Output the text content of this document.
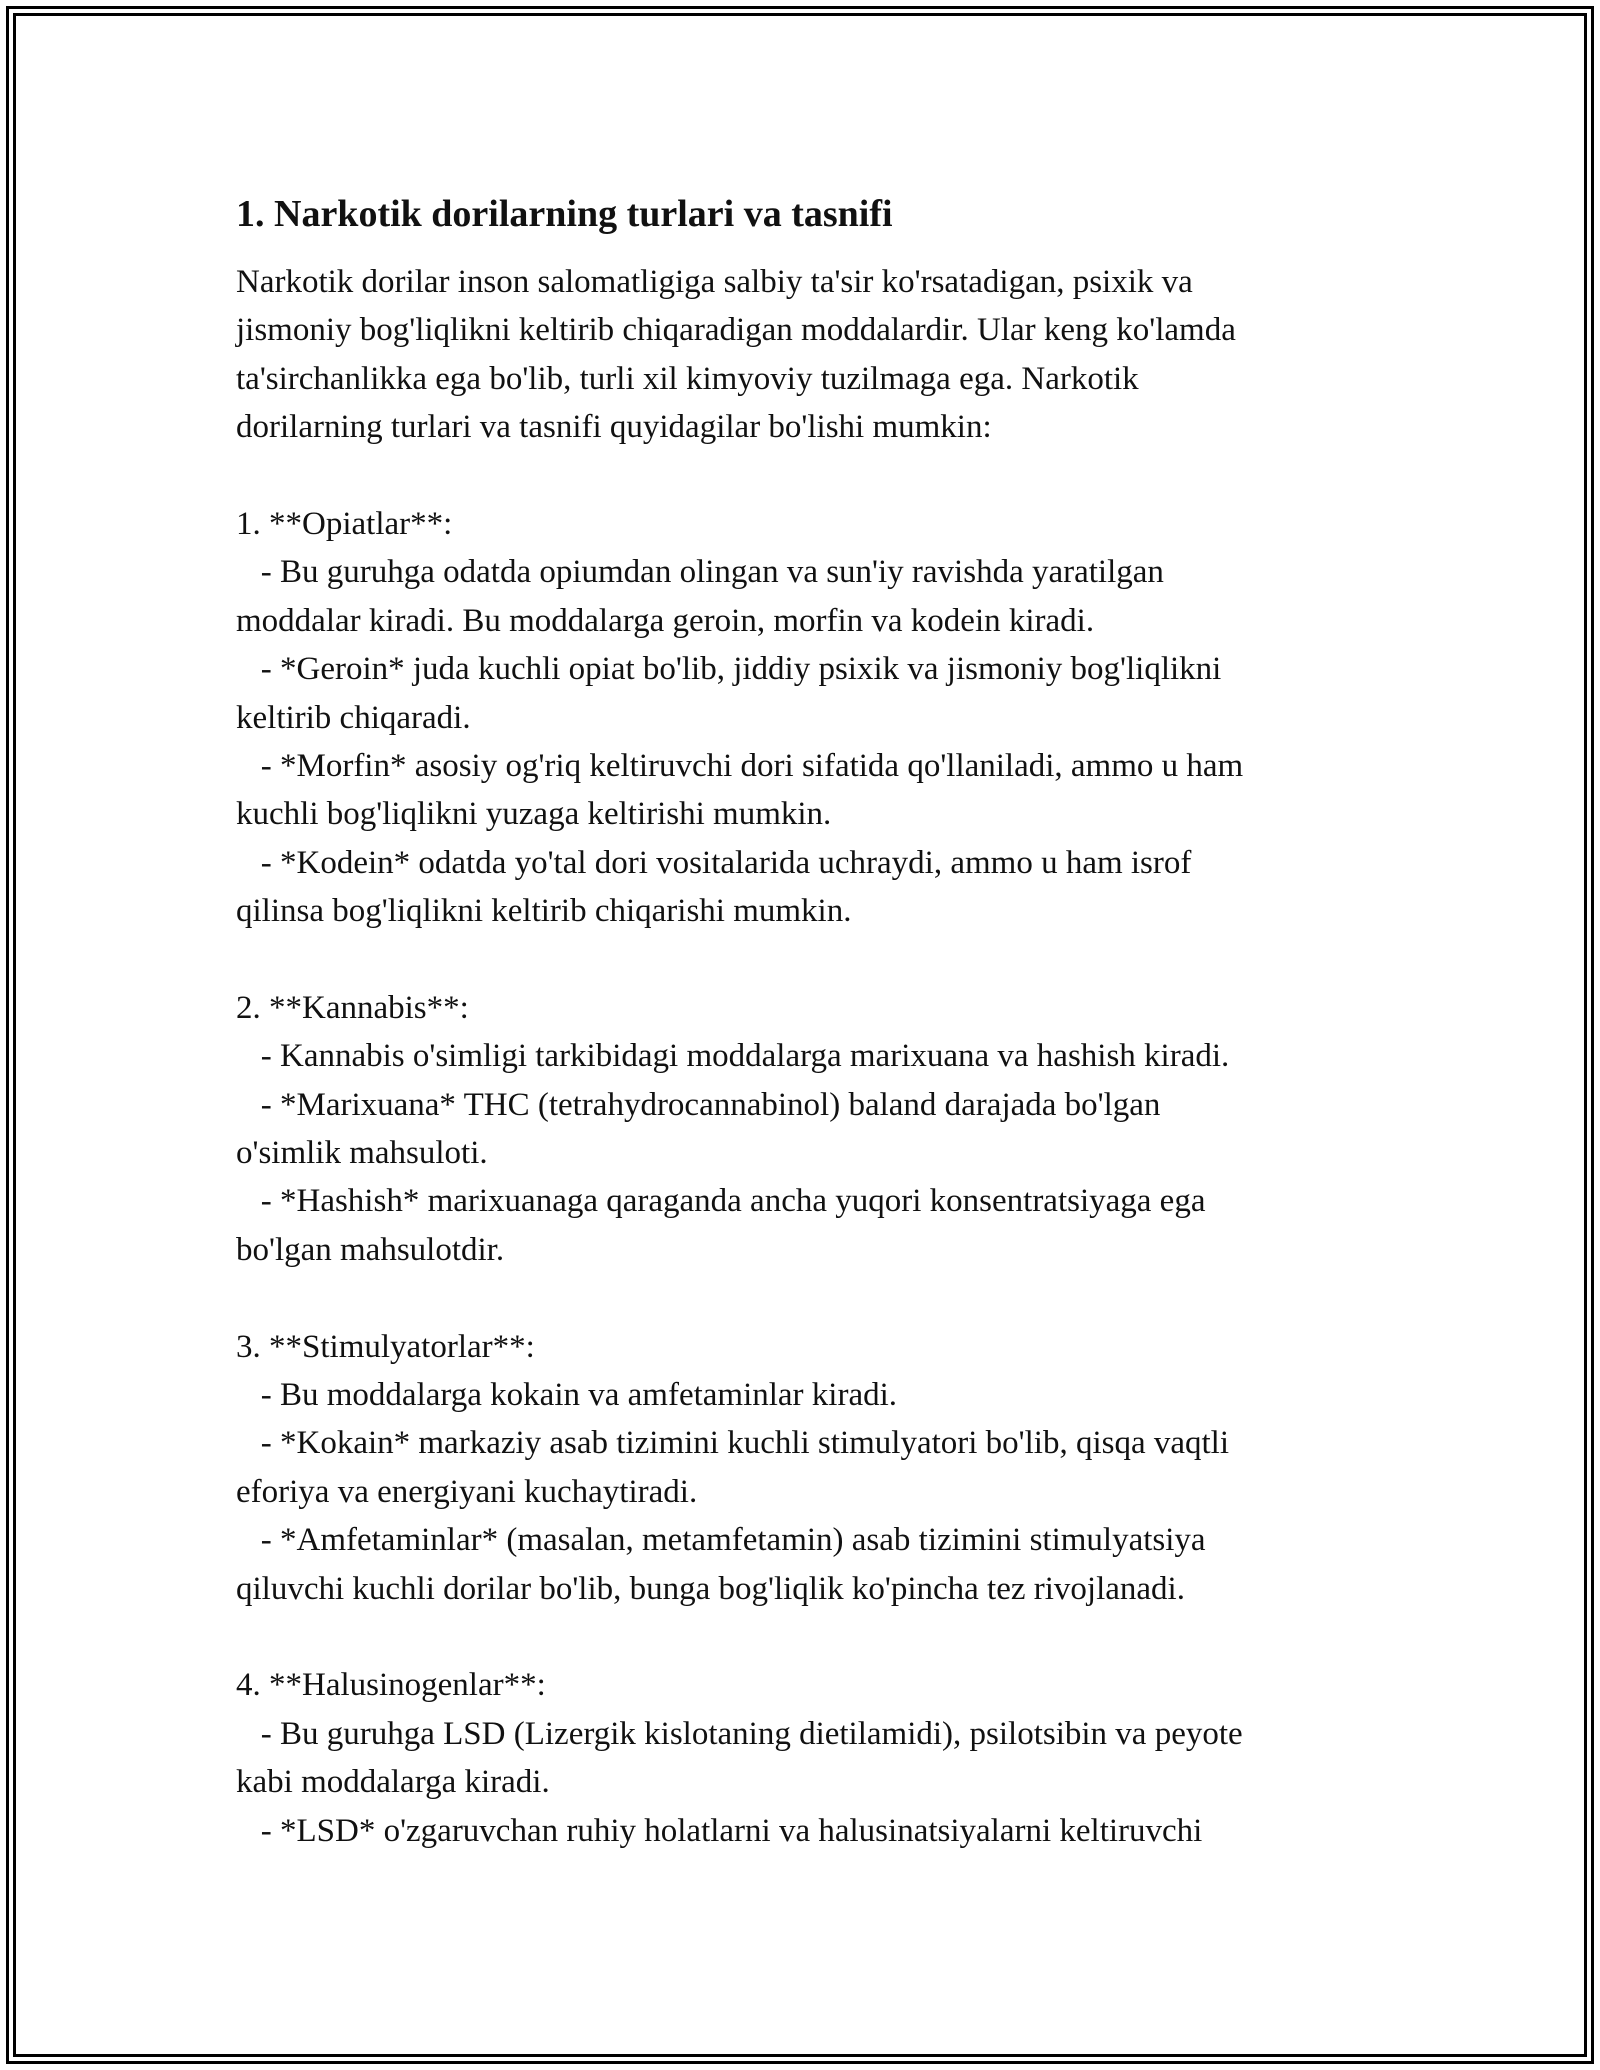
1. Narkotik dorilarning turlari va tasnifi
Narkotik dorilar inson salomatligiga salbiy ta'sir ko'rsatadigan, psixik va
jismoniy bog'liqlikni keltirib chiqaradigan moddalardir. Ular keng ko'lamda
ta'sirchanlikka ega bo'lib, turli xil kimyoviy tuzilmaga ega. Narkotik
dorilarning turlari va tasnifi quyidagilar bo'lishi mumkin:
1. **Opiatlar**:
- Bu guruhga odatda opiumdan olingan va sun'iy ravishda yaratilgan
moddalar kiradi. Bu moddalarga geroin, morfin va kodein kiradi.
- *Geroin* juda kuchli opiat bo'lib, jiddiy psixik va jismoniy bog'liqlikni
keltirib chiqaradi.
- *Morfin* asosiy og'riq keltiruvchi dori sifatida qo'llaniladi, ammo u ham
kuchli bog'liqlikni yuzaga keltirishi mumkin.
- *Kodein* odatda yo'tal dori vositalarida uchraydi, ammo u ham isrof
qilinsa bog'liqlikni keltirib chiqarishi mumkin.
2. **Kannabis**:
- Kannabis o'simligi tarkibidagi moddalarga marixuana va hashish kiradi.
- *Marixuana* THC (tetrahydrocannabinol) baland darajada bo'lgan
o'simlik mahsuloti.
- *Hashish* marixuanaga qaraganda ancha yuqori konsentratsiyaga ega
bo'lgan mahsulotdir.
3. **Stimulyatorlar**:
- Bu moddalarga kokain va amfetaminlar kiradi.
- *Kokain* markaziy asab tizimini kuchli stimulyatori bo'lib, qisqa vaqtli
eforiya va energiyani kuchaytiradi.
- *Amfetaminlar* (masalan, metamfetamin) asab tizimini stimulyatsiya
qiluvchi kuchli dorilar bo'lib, bunga bog'liqlik ko'pincha tez rivojlanadi.
4. **Halusinogenlar**:
- Bu guruhga LSD (Lizergik kislotaning dietilamidi), psilotsibin va peyote
kabi moddalarga kiradi.
- *LSD* o'zgaruvchan ruhiy holatlarni va halusinatsiyalarni keltiruvchi
